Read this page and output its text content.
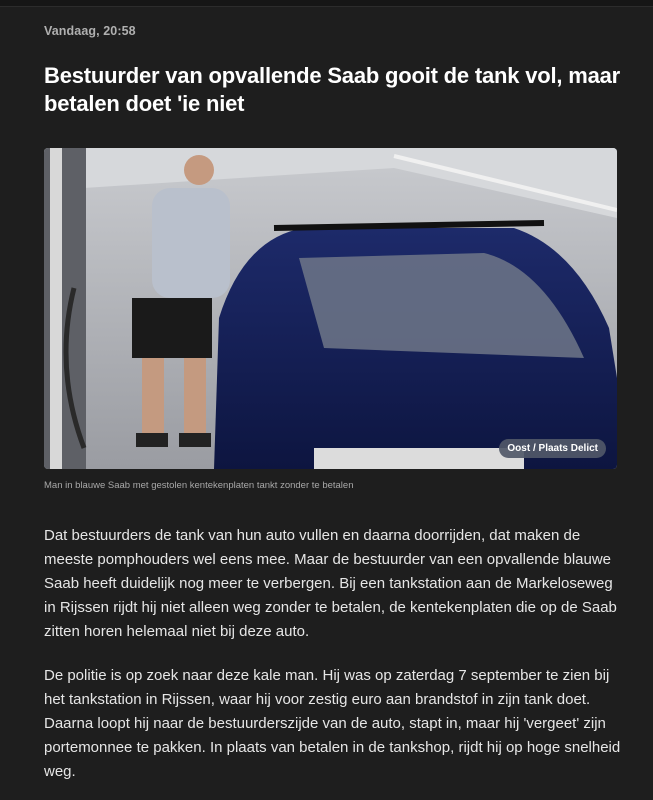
Vandaag, 20:58
Bestuurder van opvallende Saab gooit de tank vol, maar betalen doet 'ie niet
Oost / Plaats Delict
Man in blauwe Saab met gestolen kentekenplaten tankt zonder te betalen

Dat bestuurders de tank van hun auto vullen en daarna doorrijden, dat maken de meeste pomphouders wel eens mee. Maar de bestuurder van een opvallende blauwe Saab heeft duidelijk nog meer te verbergen. Bij een tankstation aan de Markeloseweg in Rijssen rijdt hij niet alleen weg zonder te betalen, de kentekenplaten die op de Saab zitten horen helemaal niet bij deze auto.

De politie is op zoek naar deze kale man. Hij was op zaterdag 7 september te zien bij het tankstation in Rijssen, waar hij voor zestig euro aan brandstof in zijn tank doet. Daarna loopt hij naar de bestuurderszijde van de auto, stapt in, maar hij 'vergeet' zijn portemonnee te pakken. In plaats van betalen in de tankshop, rijdt hij op hoge snelheid weg.
